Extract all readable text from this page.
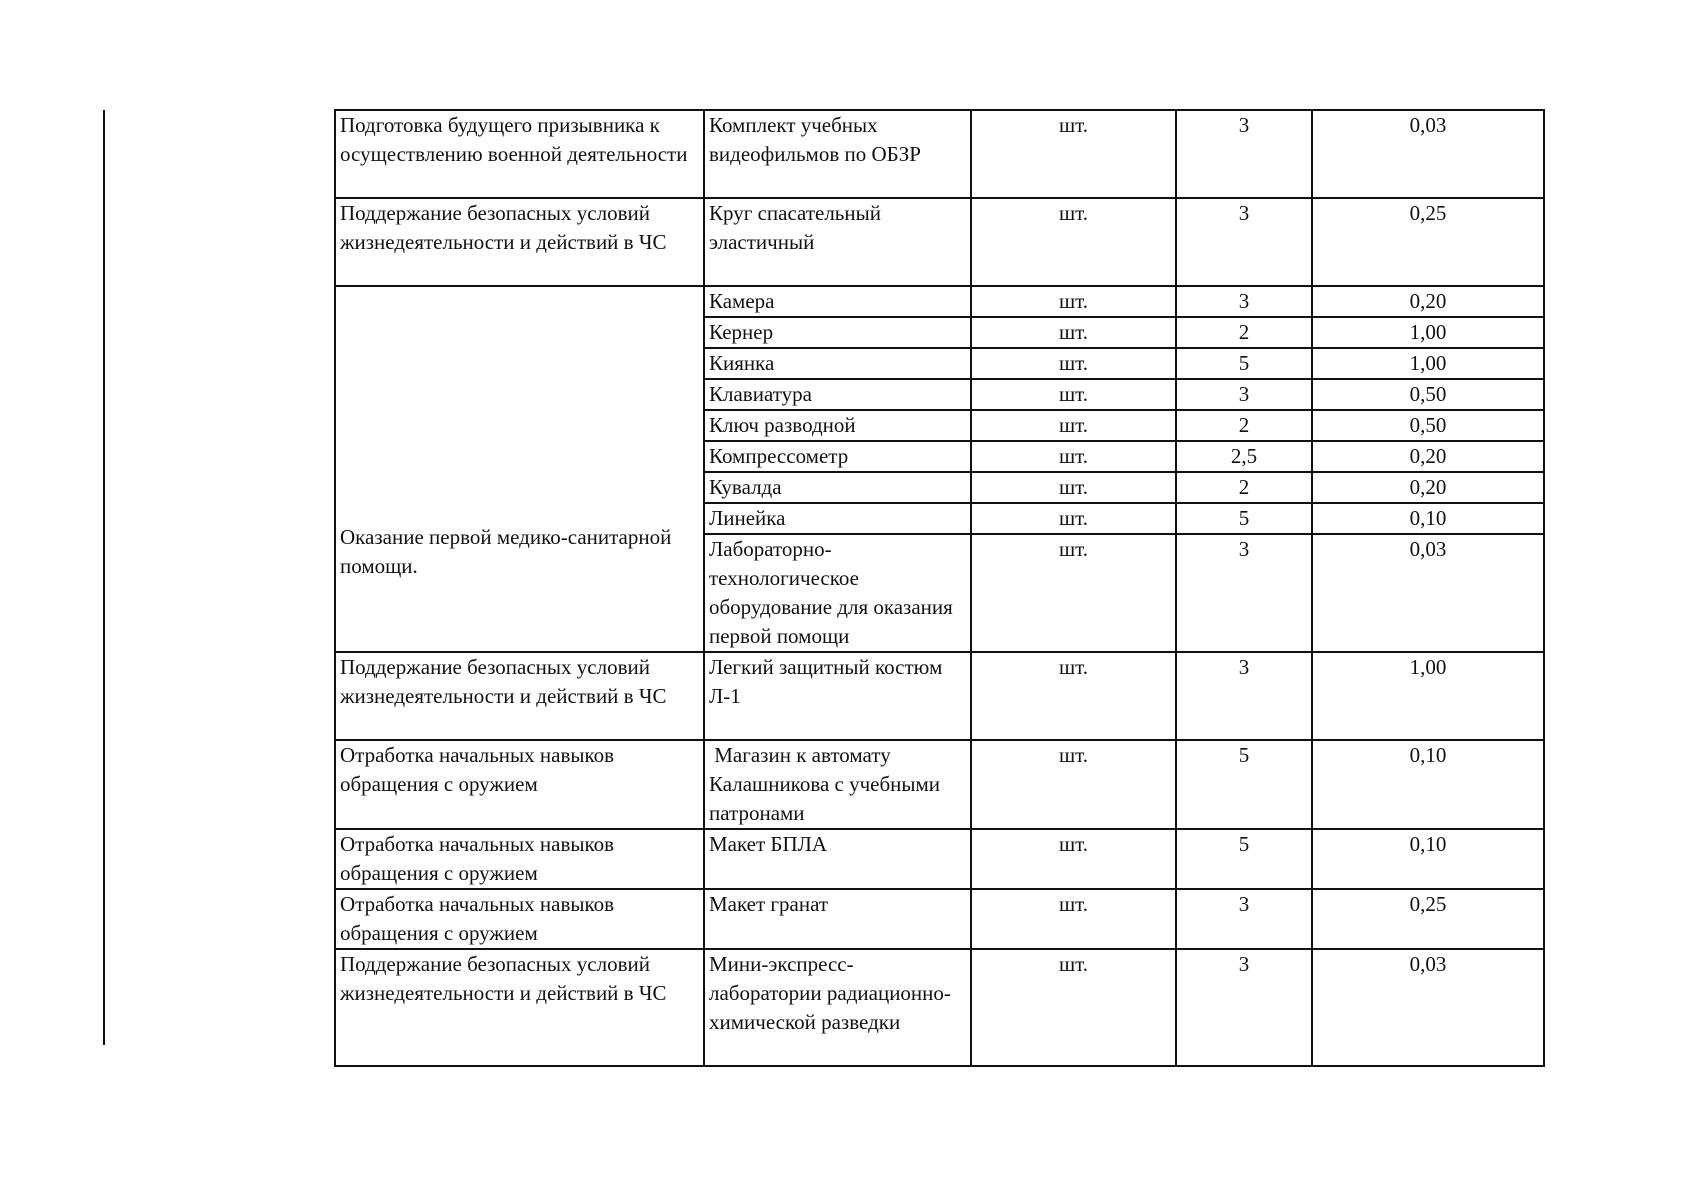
Подготовка будущего призывника к осуществлению военной деятельности	Комплект учебных видеофильмов по ОБЗР	шт.	3	0,03
Поддержание безопасных условий жизнедеятельности и действий в ЧС	Круг спасательный эластичный	шт.	3	0,25

Оказание первой медико-санитарной помощи.	Камера	шт.	3	0,20
	Кернер	шт.	2	1,00
	Киянка	шт.	5	1,00
	Клавиатура	шт.	3	0,50
	Ключ разводной	шт.	2	0,50
	Компрессометр	шт.	2,5	0,20
	Кувалда	шт.	2	0,20
	Линейка	шт.	5	0,10
	Лабораторно-технологическое оборудование для оказания первой помощи	шт.	3	0,03
Поддержание безопасных условий жизнедеятельности и действий в ЧС	Легкий защитный костюм Л-1	шт.	3	1,00
Отработка начальных навыков обращения с оружием	Магазин к автомату Калашникова с учебными патронами	шт.	5	0,10
Отработка начальных навыков обращения с оружием	Макет БПЛА	шт.	5	0,10
Отработка начальных навыков обращения с оружием	Макет гранат	шт.	3	0,25
Поддержание безопасных условий жизнедеятельности и действий в ЧС	Мини-экспресс-лаборатории радиационно-химической разведки	шт.	3	0,03
